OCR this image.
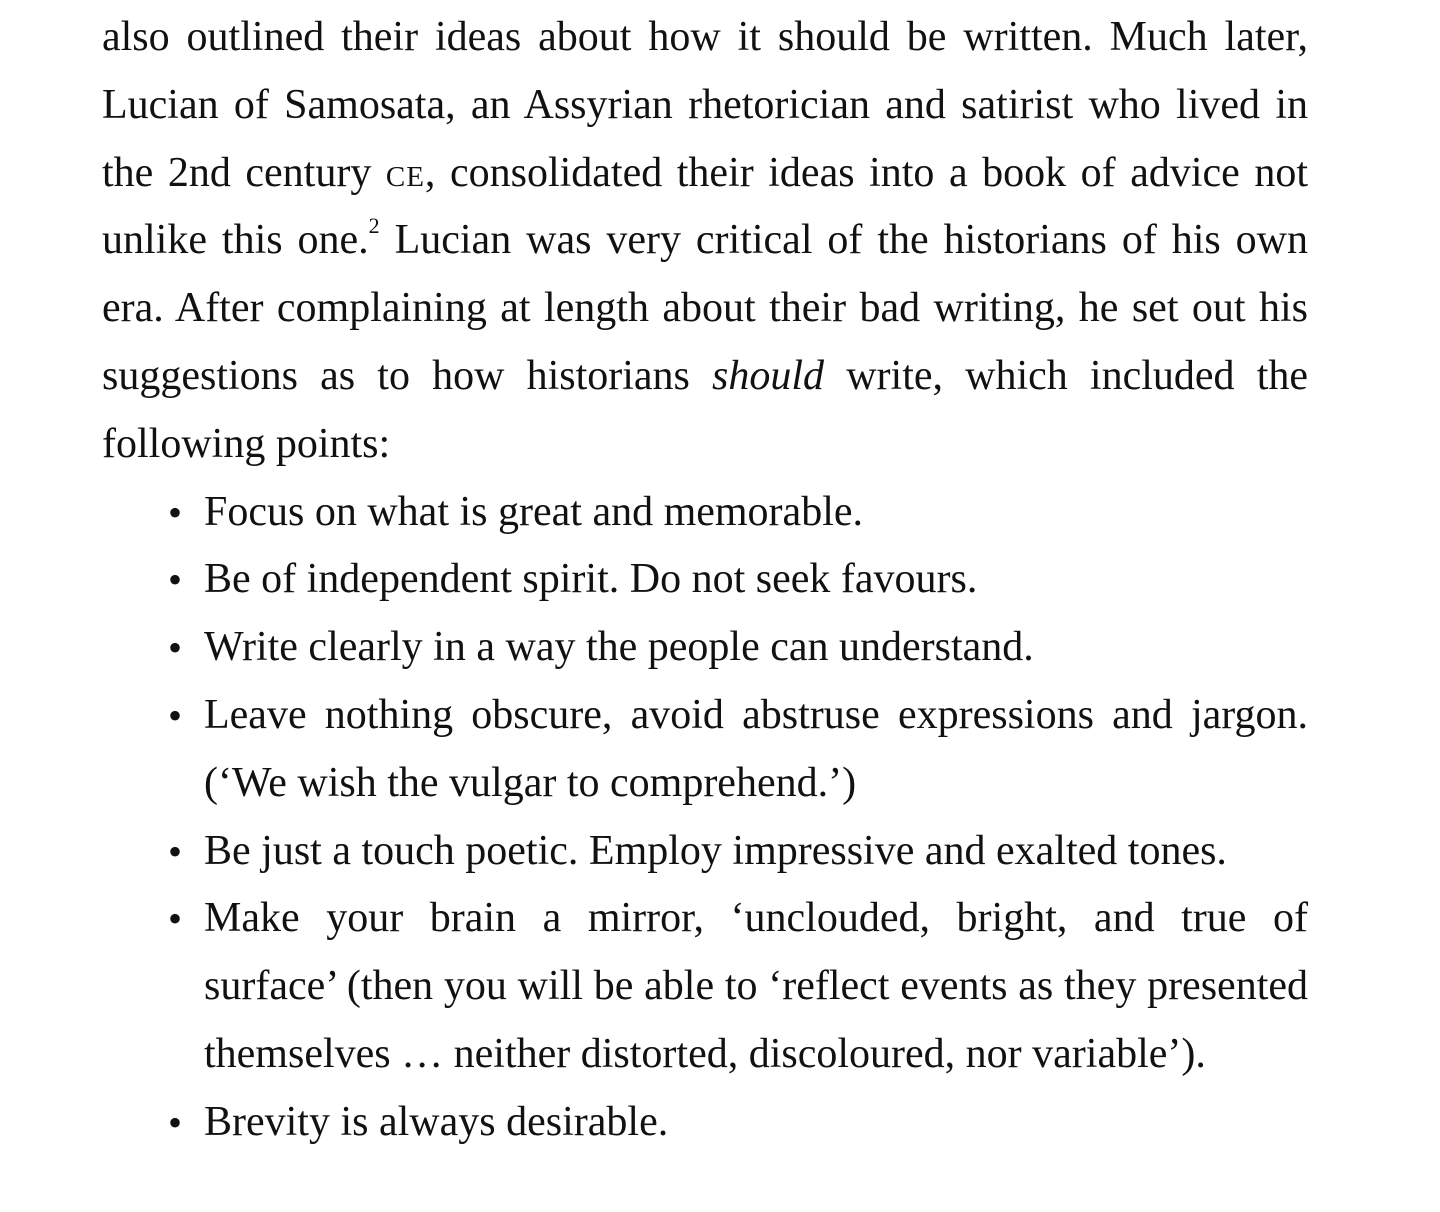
also outlined their ideas about how it should be written. Much later, Lucian of Samosata, an Assyrian rhetorician and satirist who lived in the 2nd century ce, consolidated their ideas into a book of advice not unlike this one.$^2$ Lucian was very critical of the historians of his own era. After complaining at length about their bad writing, he set out his suggestions as to how historians should write, which included the following points:

• Focus on what is great and memorable.
• Be of independent spirit. Do not seek favours.
• Write clearly in a way the people can understand.
• Leave nothing obscure, avoid abstruse expressions and jargon. (‘We wish the vulgar to comprehend.’)
• Be just a touch poetic. Employ impressive and exalted tones.
• Make your brain a mirror, ‘unclouded, bright, and true of surface’ (then you will be able to ‘reflect events as they presented themselves … neither distorted, discoloured, nor variable’).
• Brevity is always desirable.
